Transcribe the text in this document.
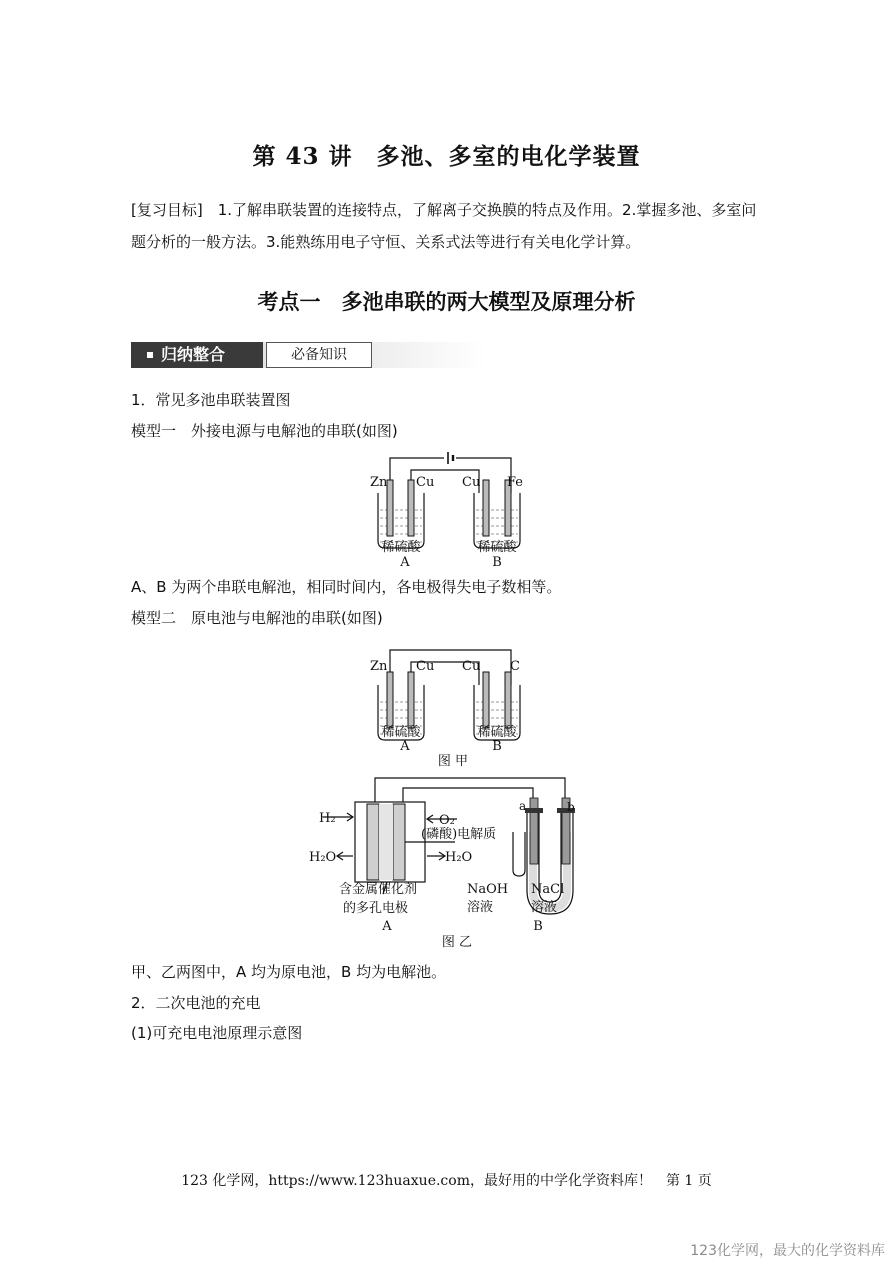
第 43 讲　多池、多室的电化学装置
[复习目标]　1.了解串联装置的连接特点，了解离子交换膜的特点及作用。2.掌握多池、多室问题分析的一般方法。3.能熟练用电子守恒、关系式法等进行有关电化学计算。
考点一　多池串联的两大模型及原理分析
归纳整合	必备知识
1．常见多池串联装置图
模型一　外接电源与电解池的串联(如图)
Zn Cu Cu Fe
稀硫酸	稀硫酸
A	B
A、B 为两个串联电解池，相同时间内，各电极得失电子数相等。
模型二　原电池与电解池的串联(如图)
Zn Cu Cu C
稀硫酸	稀硫酸
A	B
图 甲
H₂	O₂
H₂O	H₂O
(磷酸)电解质
含金属催化剂
的多孔电极
A
a	b
NaOH
溶液
NaCl
溶液
B
图 乙
甲、乙两图中，A 均为原电池，B 均为电解池。
2．二次电池的充电
(1)可充电电池原理示意图
123 化学网，https://www.123huaxue.com，最好用的中学化学资料库！　第 1 页
123化学网，最大的化学资料库
